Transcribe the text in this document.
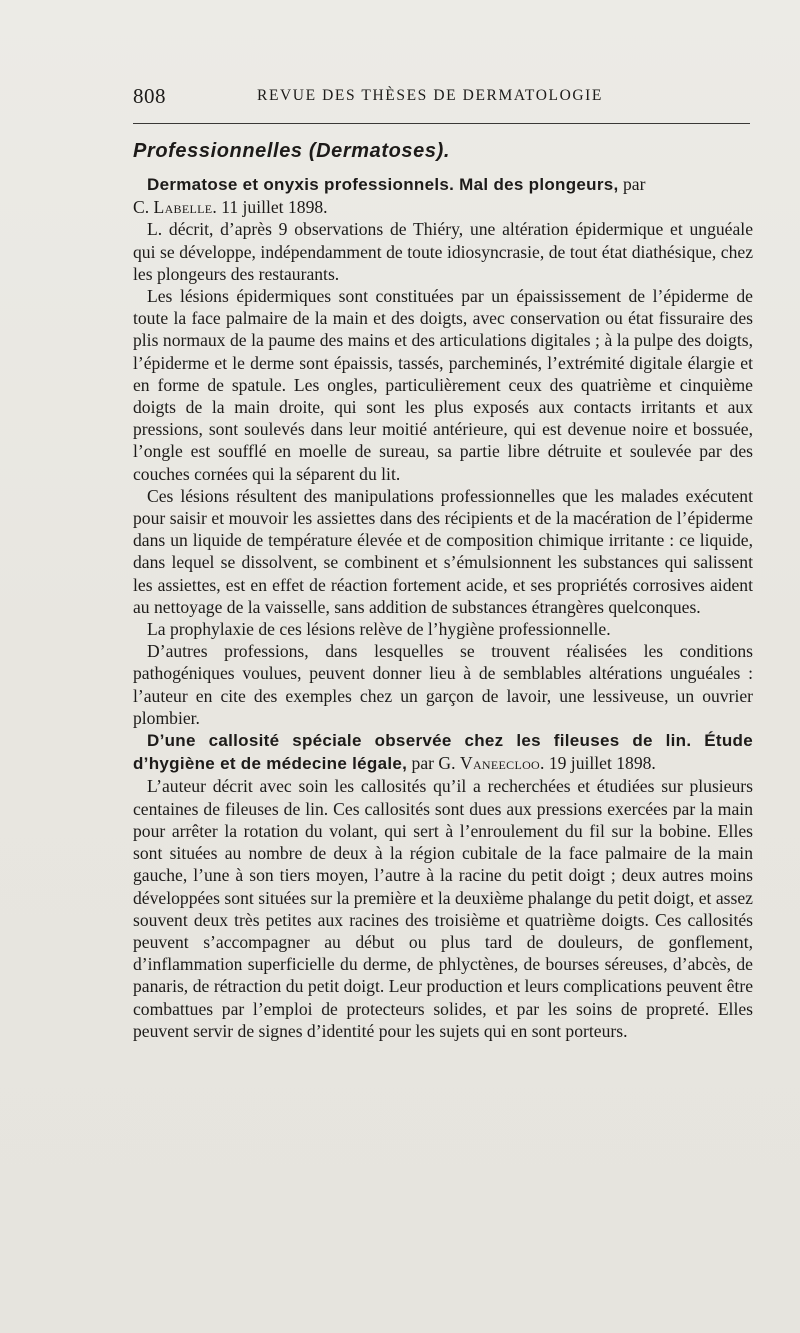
808	REVUE DES THÈSES DE DERMATOLOGIE
Professionnelles (Dermatoses).

Dermatose et onyxis professionnels. Mal des plongeurs, par
C. Labelle. 11 juillet 1898.

L. décrit, d’après 9 observations de Thiéry, une altération épidermique et unguéale qui se développe, indépendamment de toute idiosyncrasie, de tout état diathésique, chez les plongeurs des restaurants.

Les lésions épidermiques sont constituées par un épaississement de l’épiderme de toute la face palmaire de la main et des doigts, avec conservation ou état fissuraire des plis normaux de la paume des mains et des articulations digitales ; à la pulpe des doigts, l’épiderme et le derme sont épaissis, tassés, parcheminés, l’extrémité digitale élargie et en forme de spatule. Les ongles, particulièrement ceux des quatrième et cinquième doigts de la main droite, qui sont les plus exposés aux contacts irritants et aux pressions, sont soulevés dans leur moitié antérieure, qui est devenue noire et bossuée, l’ongle est soufflé en moelle de sureau, sa partie libre détruite et soulevée par des couches cornées qui la séparent du lit.

Ces lésions résultent des manipulations professionnelles que les malades exécutent pour saisir et mouvoir les assiettes dans des récipients et de la macération de l’épiderme dans un liquide de température élevée et de composition chimique irritante : ce liquide, dans lequel se dissolvent, se combinent et s’émulsionnent les substances qui salissent les assiettes, est en effet de réaction fortement acide, et ses propriétés corrosives aident au nettoyage de la vaisselle, sans addition de substances étrangères quelconques.

La prophylaxie de ces lésions relève de l’hygiène professionnelle.

D’autres professions, dans lesquelles se trouvent réalisées les conditions pathogéniques voulues, peuvent donner lieu à de semblables altérations unguéales : l’auteur en cite des exemples chez un garçon de lavoir, une lessiveuse, un ouvrier plombier.

D’une callosité spéciale observée chez les fileuses de lin. Étude d’hygiène et de médecine légale, par G. Vaneecloo. 19 juillet 1898.

L’auteur décrit avec soin les callosités qu’il a recherchées et étudiées sur plusieurs centaines de fileuses de lin. Ces callosités sont dues aux pressions exercées par la main pour arrêter la rotation du volant, qui sert à l’enroulement du fil sur la bobine. Elles sont situées au nombre de deux à la région cubitale de la face palmaire de la main gauche, l’une à son tiers moyen, l’autre à la racine du petit doigt ; deux autres moins développées sont situées sur la première et la deuxième phalange du petit doigt, et assez souvent deux très petites aux racines des troisième et quatrième doigts. Ces callosités peuvent s’accompagner au début ou plus tard de douleurs, de gonflement, d’inflammation superficielle du derme, de phlyctènes, de bourses séreuses, d’abcès, de panaris, de rétraction du petit doigt. Leur production et leurs complications peuvent être combattues par l’emploi de protecteurs solides, et par les soins de propreté. Elles peuvent servir de signes d’identité pour les sujets qui en sont porteurs.
